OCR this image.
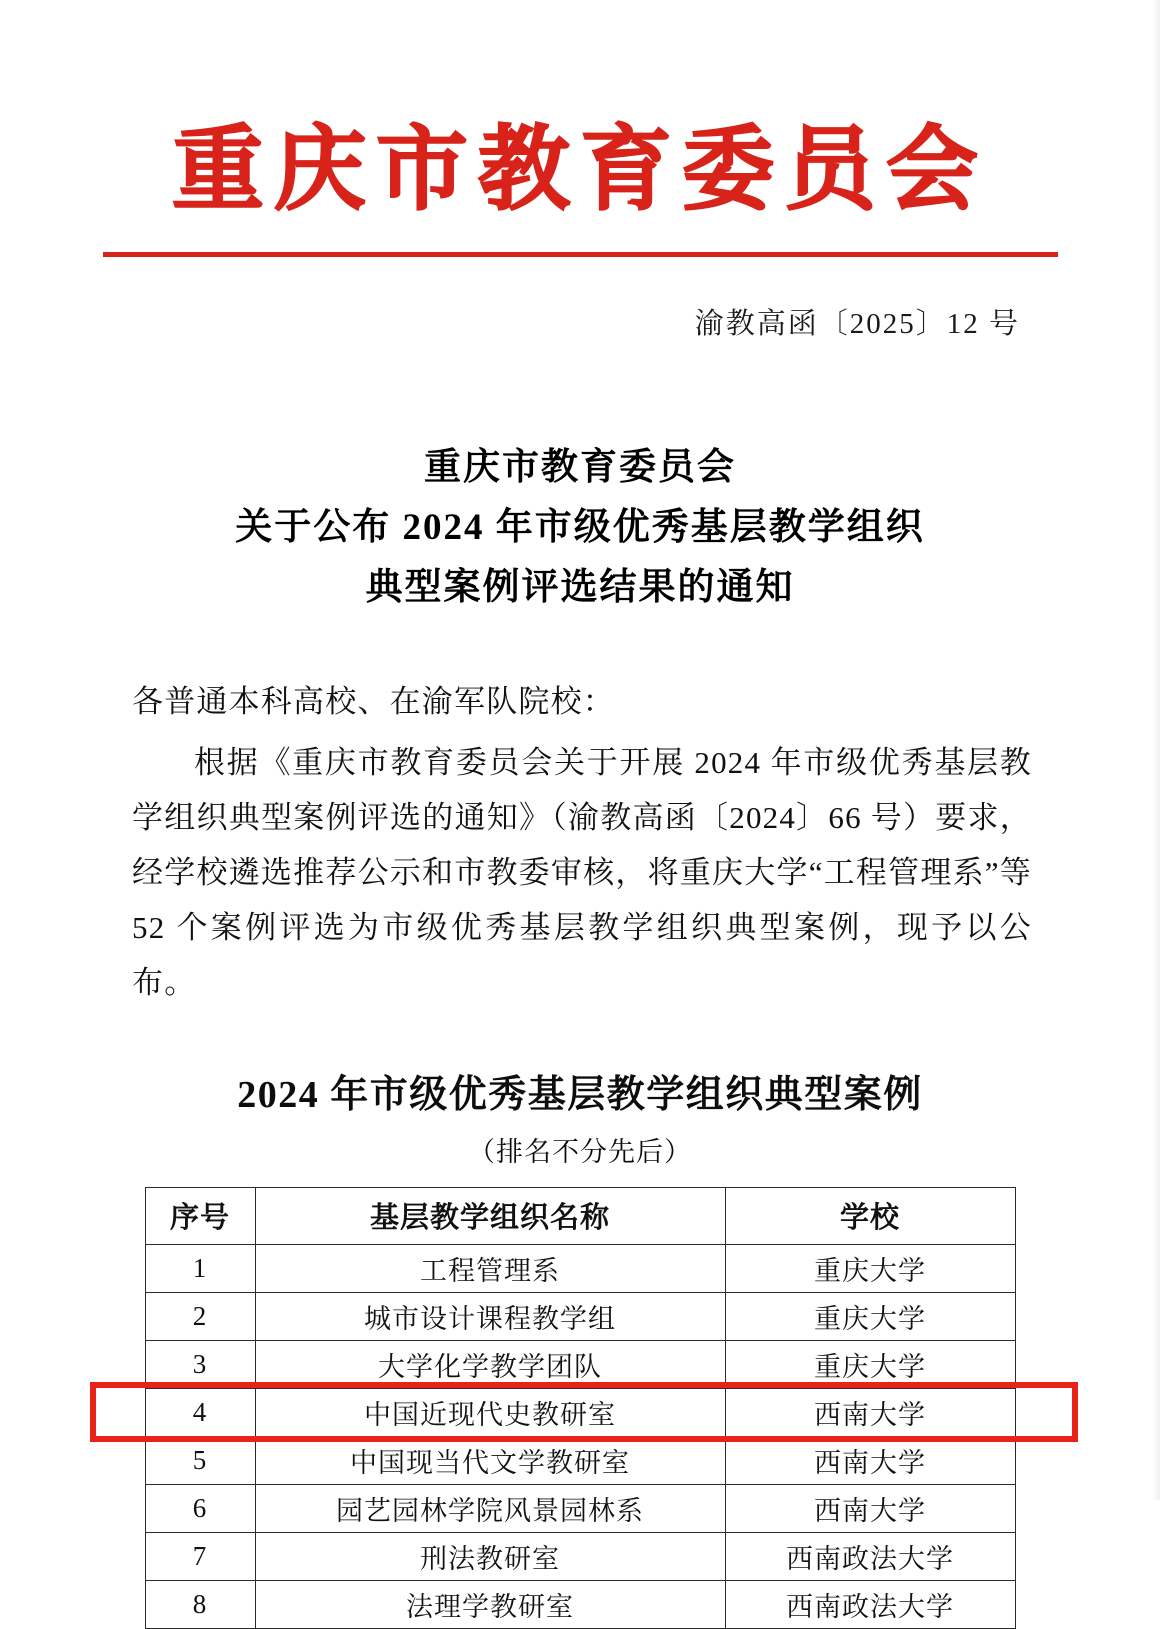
重庆市教育委员会
渝教高函〔2025〕12 号
重庆市教育委员会
关于公布 2024 年市级优秀基层教学组织
典型案例评选结果的通知
各普通本科高校、在渝军队院校：
根据《重庆市教育委员会关于开展 2024 年市级优秀基层教学组织典型案例评选的通知》（渝教高函〔2024〕66 号）要求，经学校遴选推荐公示和市教委审核，将重庆大学“工程管理系”等 52 个案例评选为市级优秀基层教学组织典型案例，现予以公布。
2024 年市级优秀基层教学组织典型案例
（排名不分先后）
序号	基层教学组织名称	学校
1	工程管理系	重庆大学
2	城市设计课程教学组	重庆大学
3	大学化学教学团队	重庆大学
4	中国近现代史教研室	西南大学
5	中国现当代文学教研室	西南大学
6	园艺园林学院风景园林系	西南大学
7	刑法教研室	西南政法大学
8	法理学教研室	西南政法大学
